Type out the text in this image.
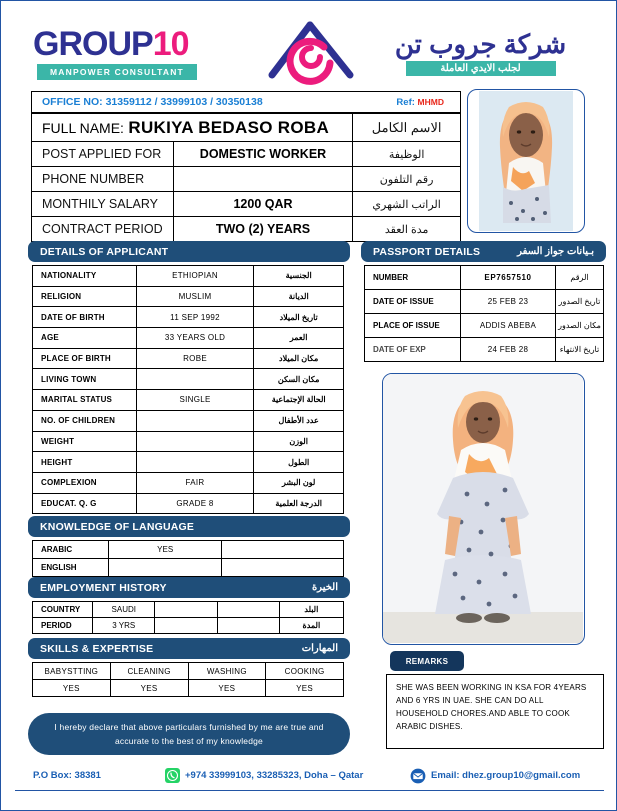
GROUP10
MANPOWER CONSULTANT
شركة جروب تن
لجلب الايدي العاملة
OFFICE NO: 31359112 / 33999103 / 30350138	Ref: MHMD
FULL NAME: RUKIYA BEDASO ROBA		الاسم الكامل
POST APPLIED FOR	DOMESTIC WORKER	الوظيفة
PHONE NUMBER		رقم التلفون
MONTHILY SALARY	1200 QAR	الراتب الشهري
CONTRACT PERIOD	TWO (2) YEARS	مدة العقد
DETAILS OF APPLICANT
NATIONALITY	ETHIOPIAN	الجنسية
RELIGION	MUSLIM	الديانة
DATE OF BIRTH	11 SEP 1992	تاريخ الميلاد
AGE	33 YEARS OLD	العمر
PLACE OF BIRTH	ROBE	مكان الميلاد
LIVING TOWN		مكان السكن
MARITAL STATUS	SINGLE	الحالة الإجتماعية
NO. OF CHILDREN		عدد الأطفال
WEIGHT		الوزن
HEIGHT		الطول
COMPLEXION	FAIR	لون البشر
EDUCAT. Q. G	GRADE 8	الدرجة العلمية
PASSPORT DETAILS	بـيانات جواز السفر
NUMBER	EP7657510	الرقم
DATE OF ISSUE	25 FEB 23	تاريخ الصدور
PLACE OF ISSUE	ADDIS ABEBA	مكان الصدور
DATE OF EXP	24 FEB 28	تاريخ الانتهاء
KNOWLEDGE OF LANGUAGE
ARABIC	YES	
ENGLISH		
EMPLOYMENT HISTORY	الخيرة
COUNTRY	SAUDI			البلد
PERIOD	3 YRS			المدة
SKILLS & EXPERTISE	المهارات
BABYSTTING	CLEANING	WASHING	COOKING
YES	YES	YES	YES
I hereby declare that above particulars furnished by me are true and accurate to the best of my knowledge
REMARKS
SHE WAS BEEN WORKING IN KSA FOR 4YEARS AND 6 YRS IN UAE. SHE CAN DO ALL HOUSEHOLD CHORES.AND ABLE TO COOK ARABIC DISHES.
P.O Box: 38381	+974 33999103, 33285323, Doha – Qatar	Email: dhez.group10@gmail.com
